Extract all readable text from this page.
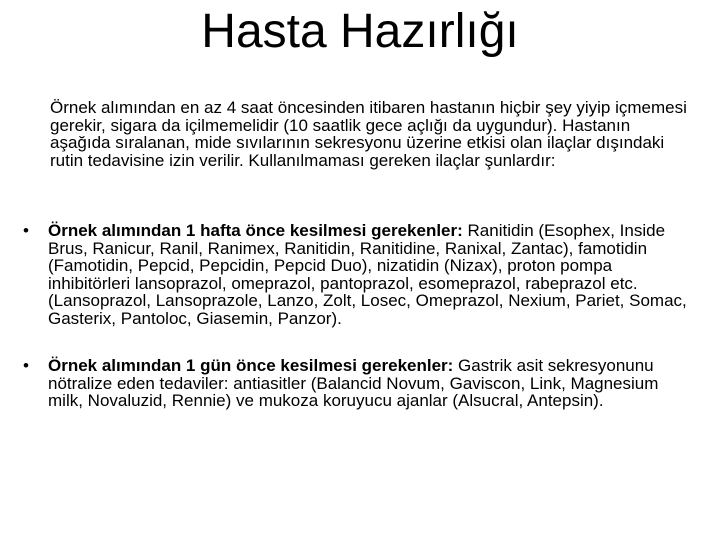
Hasta Hazırlığı

Örnek alımından en az 4 saat öncesinden itibaren hastanın hiçbir şey yiyip içmemesi gerekir, sigara da içilmemelidir (10 saatlik gece açlığı da uygundur). Hastanın aşağıda sıralanan, mide sıvılarının sekresyonu üzerine etkisi olan ilaçlar dışındaki rutin tedavisine izin verilir. Kullanılmaması gereken ilaçlar şunlardır:

• Örnek alımından 1 hafta önce kesilmesi gerekenler: Ranitidin (Esophex, Inside Brus, Ranicur, Ranil, Ranimex, Ranitidin, Ranitidine, Ranixal, Zantac), famotidin (Famotidin, Pepcid, Pepcidin, Pepcid Duo), nizatidin (Nizax), proton pompa inhibitörleri lansoprazol, omeprazol, pantoprazol, esomeprazol, rabeprazol etc. (Lansoprazol, Lansoprazole, Lanzo, Zolt, Losec, Omeprazol, Nexium, Pariet, Somac, Gasterix, Pantoloc, Giasemin, Panzor).
• Örnek alımından 1 gün önce kesilmesi gerekenler: Gastrik asit sekresyonunu nötralize eden tedaviler: antiasitler (Balancid Novum, Gaviscon, Link, Magnesium milk, Novaluzid, Rennie) ve mukoza koruyucu ajanlar (Alsucral, Antepsin).
